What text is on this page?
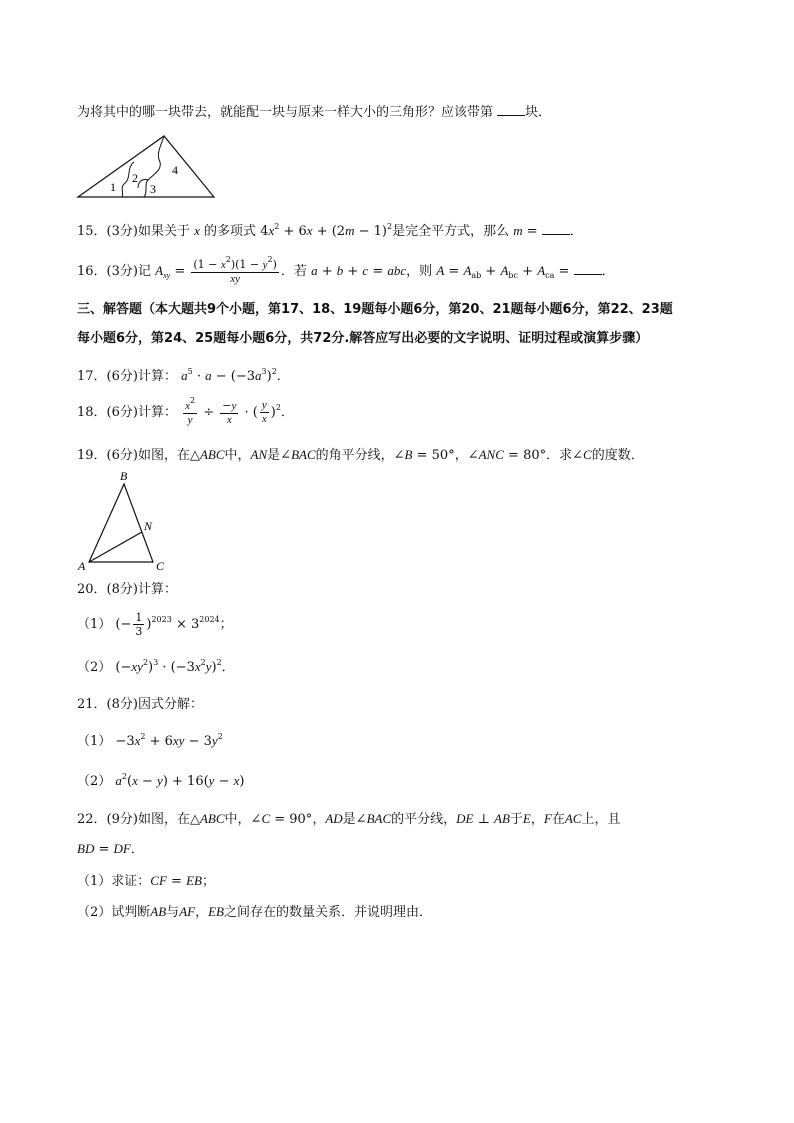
为将其中的哪一块带去，就能配一块与原来一样大小的三角形？应该带第 块．
1
2
3
4
15．(3分)如果关于 x 的多项式 $4x^2 + 6x + (2m - 1)^2$是完全平方式，那么 m = ．
16．(3分)记 $A_{xy} = \frac{(1 - x^2)(1 - y^2)}{xy}$ ．若 a + b + c = abc，则 $A = A_{ab} + A_{bc} + A_{ca}$ = ．
三、解答题（本大题共9个小题，第17、18、19题每小题6分，第20、21题每小题6分，第22、23题
每小题6分，第24、25题每小题6分，共72分.解答应写出必要的文字说明、证明过程或演算步骤）
17．(6分)计算： $a^5 \cdot a - (-3a^3)^2$．
18．(6分)计算： $\frac{x^2}{y} \div \frac{-y}{x}$ · ( $\frac{y}{x} )^2$．
19．(6分)如图，在△ABC中，AN是∠BAC的角平分线，∠B = 50°，∠ANC = 80°．求∠C的度数．
B
N
A	C
20．(8分)计算：
（1） (− $\frac{1}{3} )^{2023} \times 3^{2024}$；
（2） $(-xy^2)^3 \cdot (-3x^2y)^2$．
21．(8分)因式分解：
$(1) -3x^2 + 6xy - 3y^2$
（2） $a^2(x - y) + 16(y - x)$
22．(9分)如图，在△ABC中，∠C = 90°，AD是∠BAC的平分线，DE ⊥ AB于E，F在AC上，且
BD = DF．
（1）求证：CF = EB；
（2）试判断AB与AF，EB之间存在的数量关系．并说明理由．
